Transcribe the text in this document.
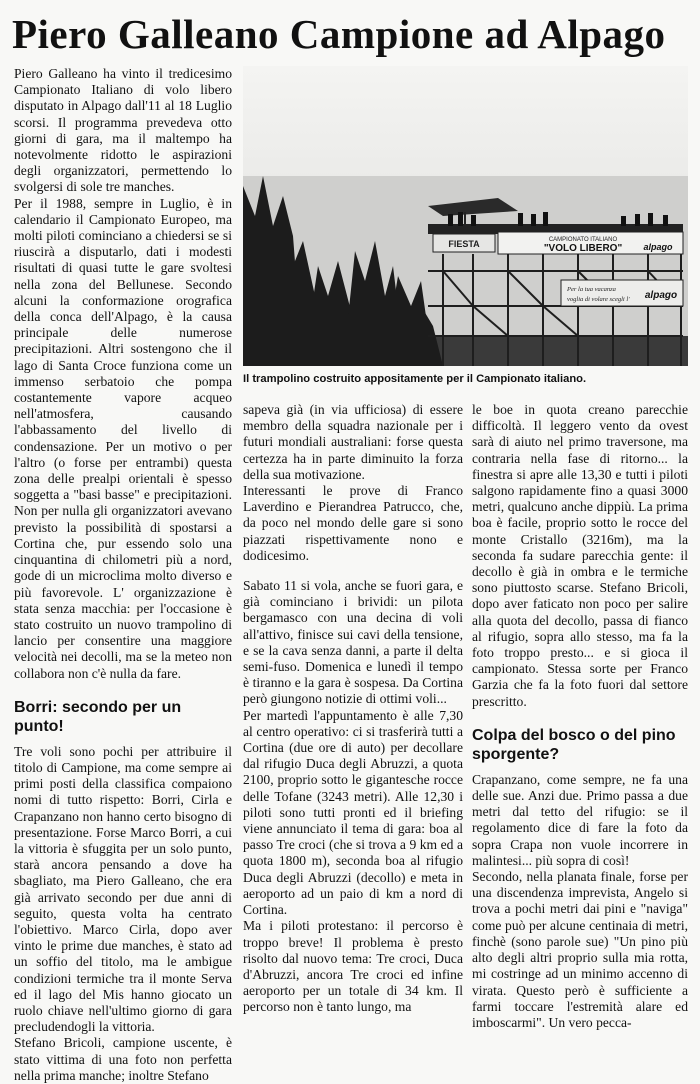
Piero Galleano Campione ad Alpago

Piero Galleano ha vinto il tredicesimo Campionato Italiano di volo libero disputato in Alpago dall'11 al 18 Luglio scorsi. Il programma prevedeva otto giorni di gara, ma il maltempo ha notevolmente ridotto le aspirazioni degli organizzatori, permettendo lo svolgersi di sole tre manches.

Per il 1988, sempre in Luglio, è in calendario il Campionato Europeo, ma molti piloti cominciano a chiedersi se si riuscirà a disputarlo, dati i modesti risultati di quasi tutte le gare svoltesi nella zona del Bellunese. Secondo alcuni la conformazione orografica della conca dell'Alpago, è la causa principale delle numerose precipitazioni. Altri sostengono che il lago di Santa Croce funziona come un immenso serbatoio che pompa costantemente vapore acqueo nell'atmosfera, causando l'abbassamento del livello di condensazione. Per un motivo o per l'altro (o forse per entrambi) questa zona delle prealpi orientali è spesso soggetta a "basi basse" e precipitazioni. Non per nulla gli organizzatori avevano previsto la possibilità di spostarsi a Cortina che, pur essendo solo una cinquantina di chilometri più a nord, gode di un microclima molto diverso e più favorevole. L' organizzazione è stata senza macchia: per l'occasione è stato costruito un nuovo trampolino di lancio per consentire una maggiore velocità nei decolli, ma se la meteo non collabora non c'è nulla da fare.

Borri: secondo per un punto!

Tre voli sono pochi per attribuire il titolo di Campione, ma come sempre ai primi posti della classifica compaiono nomi di tutto rispetto: Borri, Cirla e Crapanzano non hanno certo bisogno di presentazione. Forse Marco Borri, a cui la vittoria è sfuggita per un solo punto, starà ancora pensando a dove ha sbagliato, ma Piero Galleano, che era già arrivato secondo per due anni di seguito, questa volta ha centrato l'obiettivo. Marco Cirla, dopo aver vinto le prime due manches, è stato ad un soffio del titolo, ma le ambigue condizioni termiche tra il monte Serva ed il lago del Mis hanno giocato un ruolo chiave nell'ultimo giorno di gara precludendogli la vittoria.

Stefano Bricoli, campione uscente, è stato vittima di una foto non perfetta nella prima manche; inoltre Stefano

FIESTA	CAMPIONATO ITALIANO
"VOLO LIBERO" alpago
Per la tua vacanza
voglia di volare scegli l' alpago
Il trampolino costruito appositamente per il Campionato italiano.

sapeva già (in via ufficiosa) di essere membro della squadra nazionale per i futuri mondiali australiani: forse questa certezza ha in parte diminuito la forza della sua motivazione.

Interessanti le prove di Franco Laverdino e Pierandrea Patrucco, che, da poco nel mondo delle gare si sono piazzati rispettivamente nono e dodicesimo.

Sabato 11 si vola, anche se fuori gara, e già cominciano i brividi: un pilota bergamasco con una decina di voli all'attivo, finisce sui cavi della tensione, e se la cava senza danni, a parte il delta semi-fuso. Domenica e lunedì il tempo è tiranno e la gara è sospesa. Da Cortina però giungono notizie di ottimi voli...

Per martedì l'appuntamento è alle 7,30 al centro operativo: ci si trasferirà tutti a Cortina (due ore di auto) per decollare dal rifugio Duca degli Abruzzi, a quota 2100, proprio sotto le gigantesche rocce delle Tofane (3243 metri). Alle 12,30 i piloti sono tutti pronti ed il briefing viene annunciato il tema di gara: boa al passo Tre croci (che si trova a 9 km ed a quota 1800 m), seconda boa al rifugio Duca degli Abruzzi (decollo) e meta in aeroporto ad un paio di km a nord di Cortina.

Ma i piloti protestano: il percorso è troppo breve! Il problema è presto risolto dal nuovo tema: Tre croci, Duca d'Abruzzi, ancora Tre croci ed infine aeroporto per un totale di 34 km. Il percorso non è tanto lungo, ma

le boe in quota creano parecchie difficoltà. Il leggero vento da ovest sarà di aiuto nel primo traversone, ma contraria nella fase di ritorno... la finestra si apre alle 13,30 e tutti i piloti salgono rapidamente fino a quasi 3000 metri, qualcuno anche dippiù. La prima boa è facile, proprio sotto le rocce del monte Cristallo (3216m), ma la seconda fa sudare parecchia gente: il decollo è già in ombra e le termiche sono piuttosto scarse. Stefano Bricoli, dopo aver faticato non poco per salire alla quota del decollo, passa di fianco al rifugio, sopra allo stesso, ma fa la foto troppo presto... e si gioca il campionato. Stessa sorte per Franco Garzia che fa la foto fuori dal settore prescritto.

Colpa del bosco o del pino sporgente?

Crapanzano, come sempre, ne fa una delle sue. Anzi due. Primo passa a due metri dal tetto del rifugio: se il regolamento dice di fare la foto da sopra Crapa non vuole incorrere in malintesi... più sopra di così!

Secondo, nella planata finale, forse per una discendenza imprevista, Angelo si trova a pochi metri dai pini e "naviga" come può per alcune centinaia di metri, finchè (sono parole sue) "Un pino più alto degli altri proprio sulla mia rotta, mi costringe ad un minimo accenno di virata. Questo però è sufficiente a farmi toccare l'estremità alare ed imboscarmi". Un vero pecca-
